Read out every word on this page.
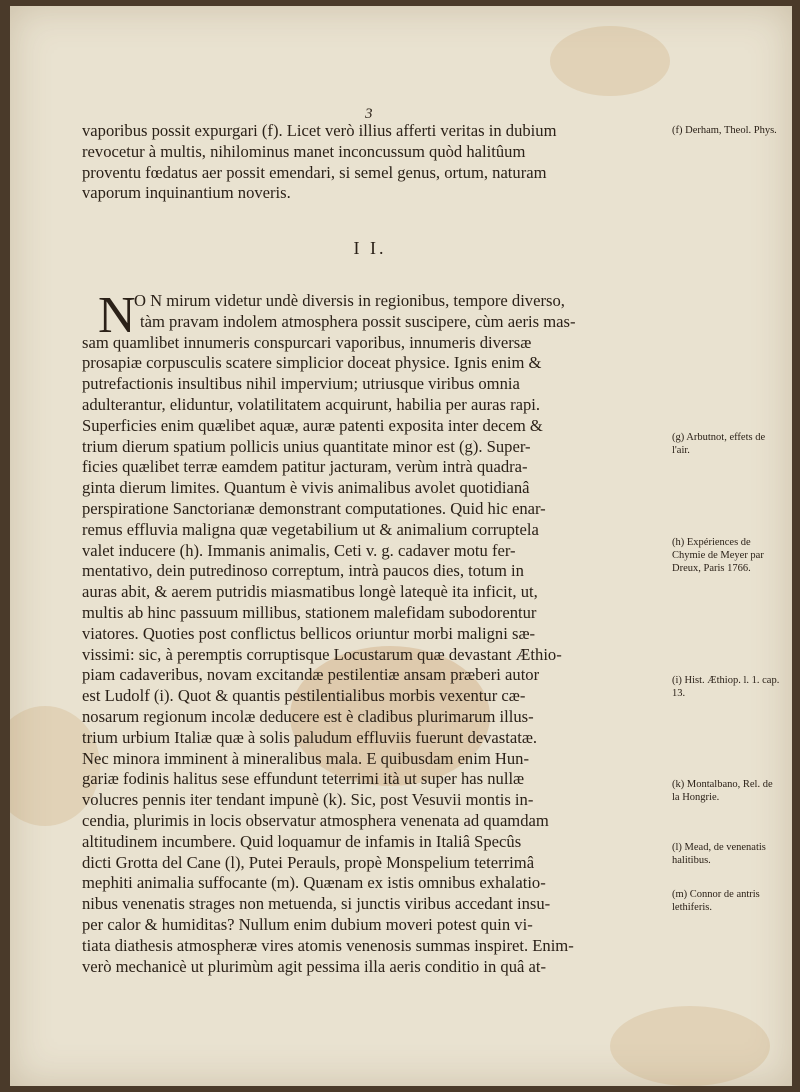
3
vaporibus possit expurgari (f). Licet verò illius afferti veritas in dubium
revocetur à multis, nihilominus manet inconcussum quòd halitûum
proventu fœdatus aer possit emendari, si semel genus, ortum, naturam
vaporum inquinantium noveris.
I I.
N
O N mirum videtur undè diversis in regionibus, tempore diverso,
tàm pravam indolem atmosphera possit suscipere, cùm aeris mas-
sam quamlibet innumeris conspurcari vaporibus, innumeris diversæ
prosapiæ corpusculis scatere simplicior doceat physice. Ignis enim &
putrefactionis insultibus nihil impervium; utriusque viribus omnia
adulterantur, eliduntur, volatilitatem acquirunt, habilia per auras rapi.
Superficies enim quælibet aquæ, auræ patenti exposita inter decem &
trium dierum spatium pollicis unius quantitate minor est (g). Super-
ficies quælibet terræ eamdem patitur jacturam, verùm intrà quadra-
ginta dierum limites. Quantum è vivis animalibus avolet quotidianâ
perspiratione Sanctorianæ demonstrant computationes. Quid hic enar-
remus effluvia maligna quæ vegetabilium ut & animalium corruptela
valet inducere (h). Immanis animalis, Ceti v. g. cadaver motu fer-
mentativo, dein putredinoso correptum, intrà paucos dies, totum in
auras abit, & aerem putridis miasmatibus longè latequè ita inficit, ut,
multis ab hinc passuum millibus, stationem malefidam subodorentur
viatores. Quoties post conflictus bellicos oriuntur morbi maligni sæ-
vissimi: sic, à peremptis corruptisque Locustarum quæ devastant Æthio-
piam cadaveribus, novam excitandæ pestilentiæ ansam præberi autor
est Ludolf (i). Quot & quantis pestilentialibus morbis vexentur cæ-
nosarum regionum incolæ deducere est è cladibus plurimarum illus-
trium urbium Italiæ quæ à solis paludum effluviis fuerunt devastatæ.
Nec minora imminent à mineralibus mala. E quibusdam enim Hun-
gariæ fodinis halitus sese effundunt teterrimi ità ut super has nullæ
volucres pennis iter tendant impunè (k). Sic, post Vesuvii montis in-
cendia, plurimis in locis observatur atmosphera venenata ad quamdam
altitudinem incumbere. Quid loquamur de infamis in Italiâ Specûs
dicti Grotta del Cane (l), Putei Perauls, propè Monspelium teterrimâ
mephiti animalia suffocante (m). Quænam ex istis omnibus exhalatio-
nibus venenatis strages non metuenda, si junctis viribus accedant insu-
per calor & humiditas? Nullum enim dubium moveri potest quin vi-
tiata diathesis atmospheræ vires atomis venenosis summas inspiret. Enim-
verò mechanicè ut plurimùm agit pessima illa aeris conditio in quâ at-
(f) Derham, Theol. Phys.
(g) Arbutnot, effets de l'air.
(h) Expériences de Chymie de Meyer par Dreux, Paris 1766.
(i) Hist. Æthiop. l. 1. cap. 13.
(k) Montalbano, Rel. de la Hongrie.
(l) Mead, de venenatis halitibus.
(m) Connor de antris lethiferis.
